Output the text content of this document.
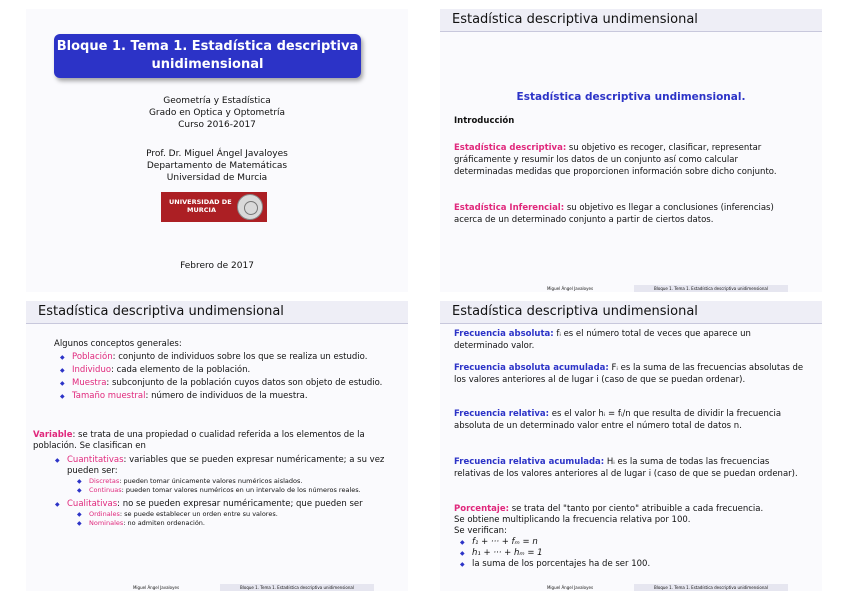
Bloque 1. Tema 1. Estadística descriptiva unidimensional
Geometría y Estadística
Grado en Optica y Optometría
Curso 2016-2017
Prof. Dr. Miguel Ángel Javaloyes
Departamento de Matemáticas
Universidad de Murcia
UNIVERSIDAD DE
MURCIA
Febrero de 2017
Estadística descriptiva undimensional
Estadística descriptiva undimensional.
Introducción
Estadística descriptiva: su objetivo es recoger, clasificar, representar gráficamente y resumir los datos de un conjunto así como calcular determinadas medidas que proporcionen información sobre dicho conjunto.
Estadística Inferencial: su objetivo es llegar a conclusiones (inferencias) acerca de un determinado conjunto a partir de ciertos datos.
Miguel Ángel Javaloyes	Bloque 1. Tema 1. Estadística descriptiva unidimensional
Estadística descriptiva undimensional
Algunos conceptos generales:
◆ Población: conjunto de individuos sobre los que se realiza un estudio.
◆ Individuo: cada elemento de la población.
◆ Muestra: subconjunto de la población cuyos datos son objeto de estudio.
◆ Tamaño muestral: número de individuos de la muestra.
Variable: se trata de una propiedad o cualidad referida a los elementos de la población. Se clasifican en
◆ Cuantitativas: variables que se pueden expresar numéricamente; a su vez pueden ser:
◆ Discretas: pueden tomar únicamente valores numéricos aislados.
◆ Continuas: pueden tomar valores numéricos en un intervalo de los números reales.
◆ Cualitativas: no se pueden expresar numéricamente; que pueden ser
◆ Ordinales: se puede establecer un orden entre su valores.
◆ Nominales: no admiten ordenación.
Miguel Ángel Javaloyes	Bloque 1. Tema 1. Estadística descriptiva unidimensional
Estadística descriptiva undimensional
Frecuencia absoluta: fᵢ es el número total de veces que aparece un determinado valor.
Frecuencia absoluta acumulada: Fᵢ es la suma de las frecuencias absolutas de los valores anteriores al de lugar i (caso de que se puedan ordenar).
Frecuencia relativa: es el valor hᵢ = fᵢ/n que resulta de dividir la frecuencia absoluta de un determinado valor entre el número total de datos n.
Frecuencia relativa acumulada: Hᵢ es la suma de todas las frecuencias relativas de los valores anteriores al de lugar i (caso de que se puedan ordenar).
Porcentaje: se trata del "tanto por ciento" atribuible a cada frecuencia.
Se obtiene multiplicando la frecuencia relativa por 100.
Se verifican:
◆ f₁ + ··· + fₘ = n
◆ h₁ + ··· + hₘ = 1
◆ la suma de los porcentajes ha de ser 100.
Miguel Ángel Javaloyes	Bloque 1. Tema 1. Estadística descriptiva unidimensional
